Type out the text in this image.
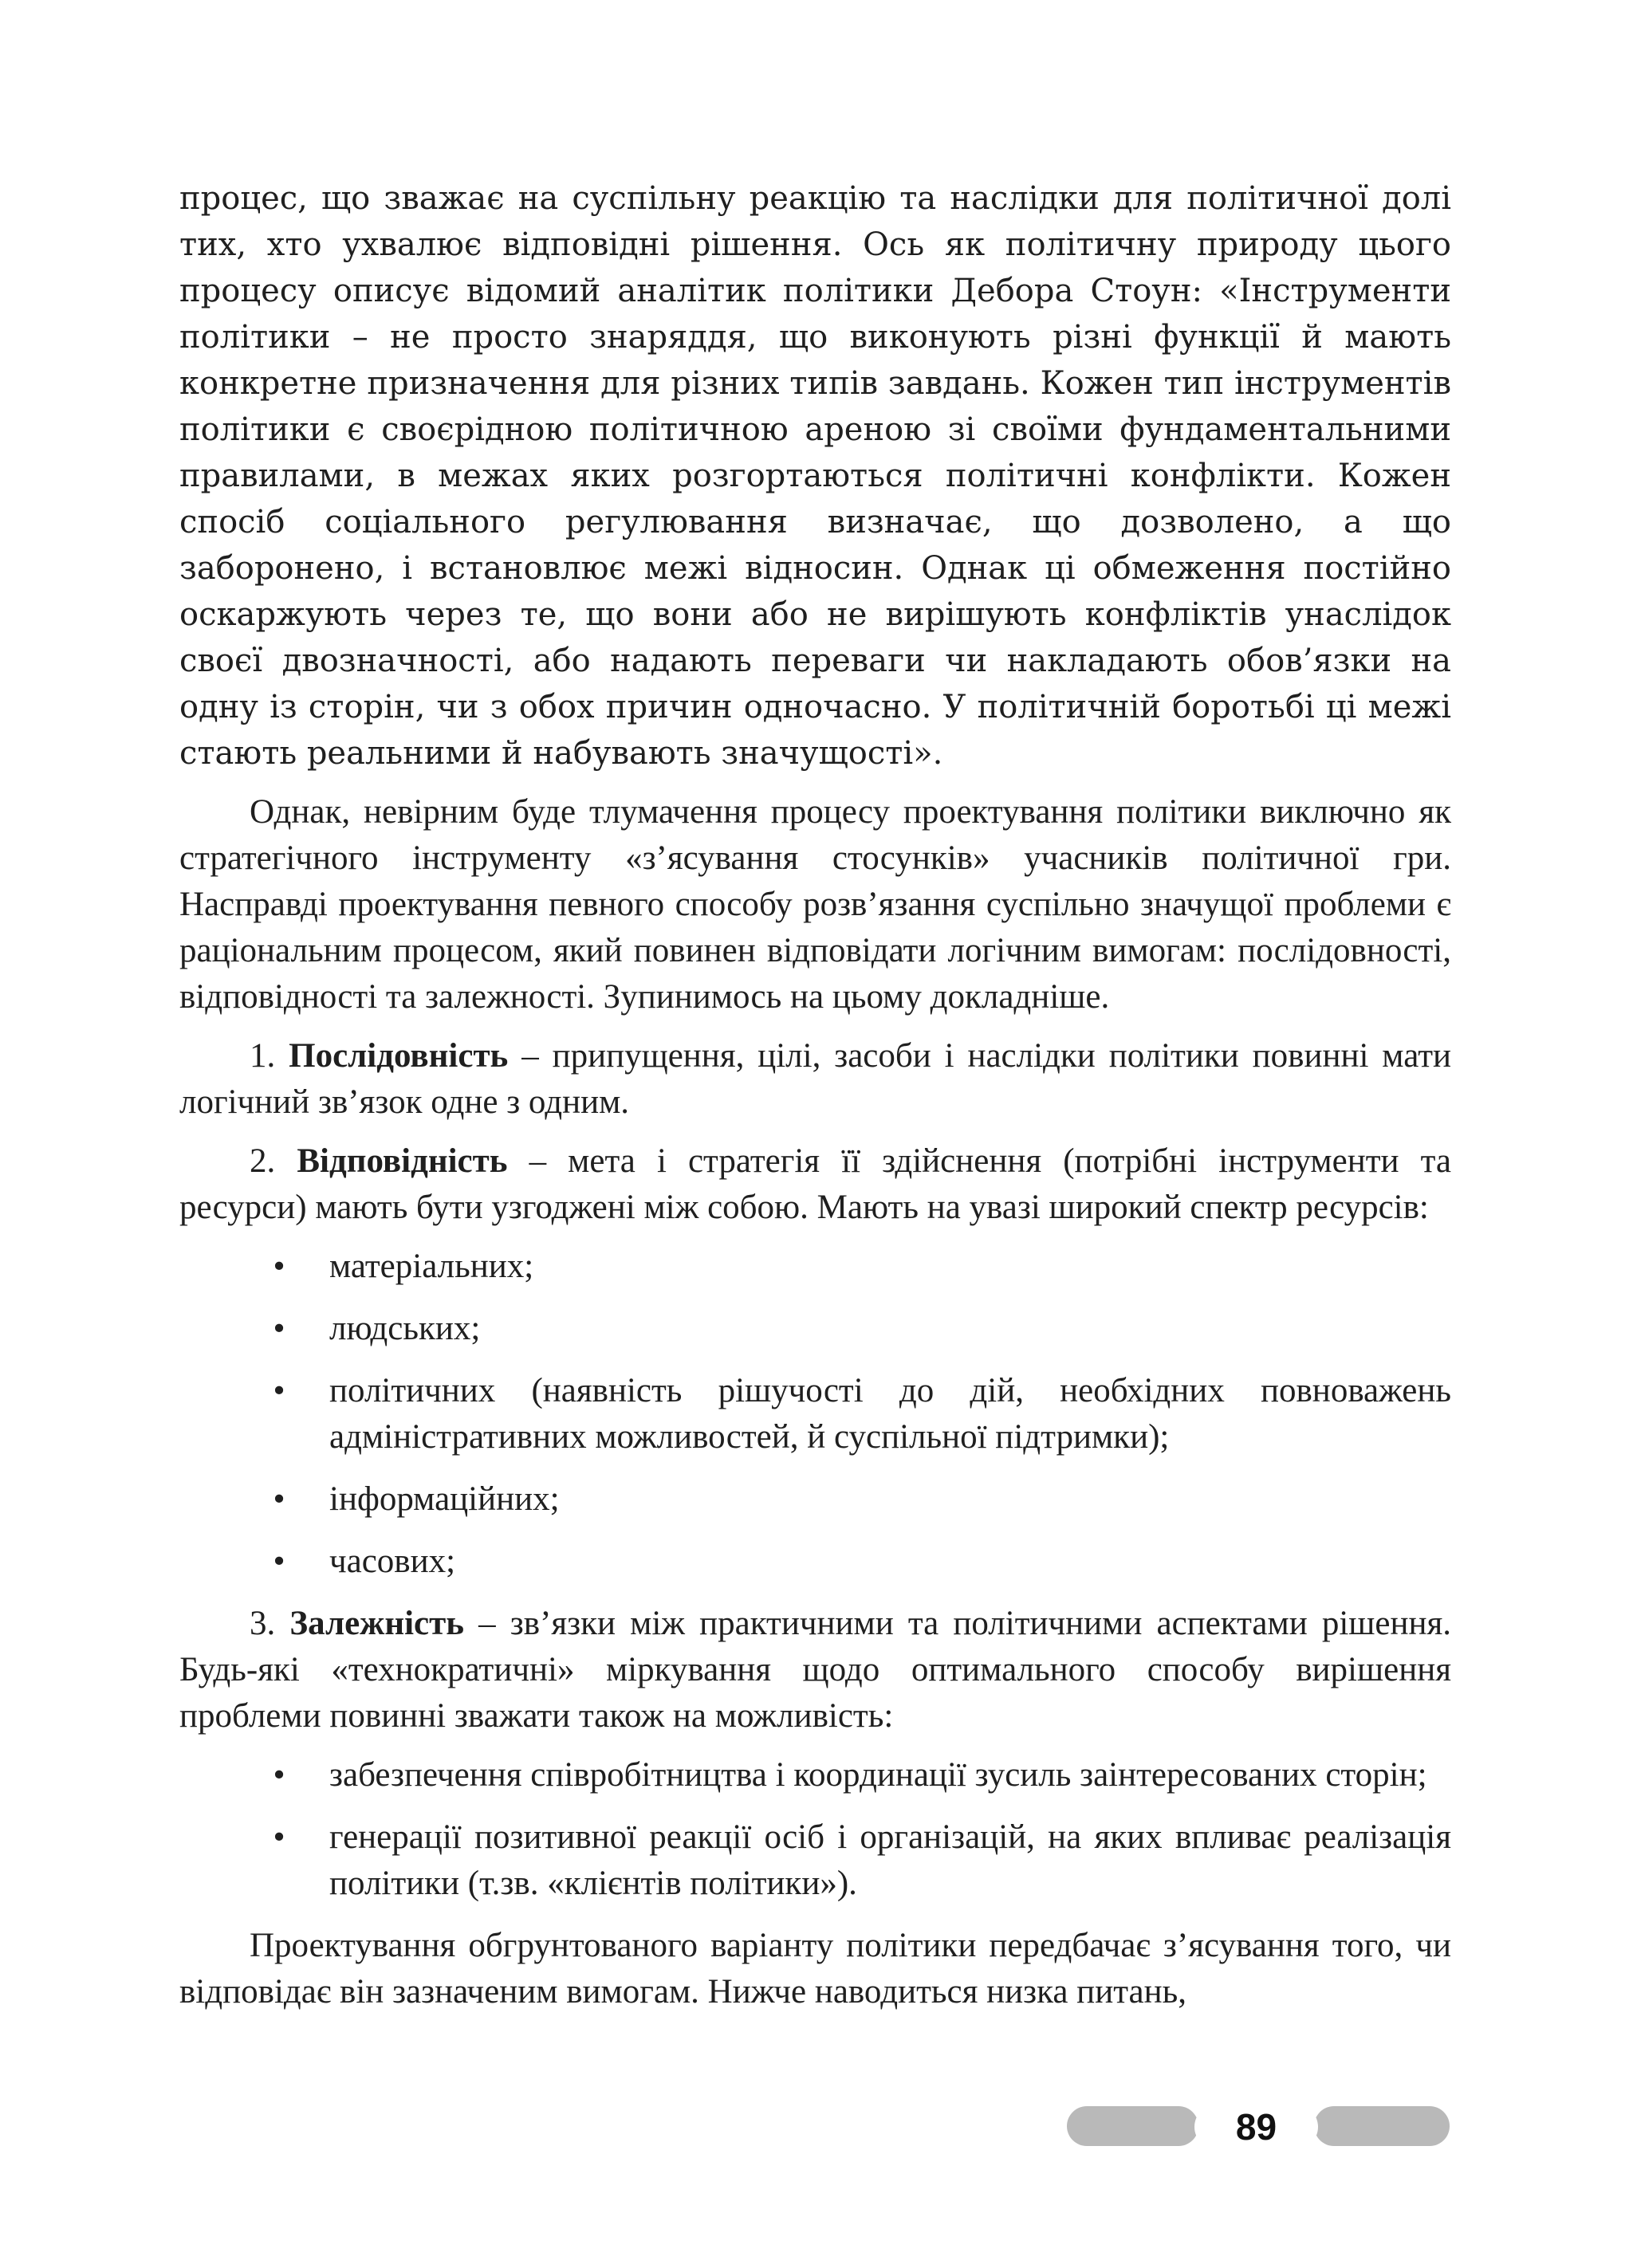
процес, що зважає на суспільну реакцію та наслідки для політичної долі тих, хто ухвалює відповідні рішення. Ось як політичну природу цього процесу описує відомий аналітик політики Дебора Стоун: «Інструменти політики – не просто знаряддя, що виконують різні функції й мають конкретне призначення для різних типів завдань. Кожен тип інструментів політики є своєрідною політичною ареною зі своїми фундаментальними правилами, в межах яких розгортаються політичні конфлікти. Кожен спосіб соціального регулювання визначає, що дозволено, а що заборонено, і встановлює межі відносин. Однак ці обмеження постійно оскаржують через те, що вони або не вирішують конфліктів унаслідок своєї двозначності, або надають переваги чи накладають обов’язки на одну із сторін, чи з обох причин одночасно. У політичній боротьбі ці межі стають реальними й набувають значущості».

Однак, невірним буде тлумачення процесу проектування політики виключно як стратегічного інструменту «з’ясування стосунків» учасників політичної гри. Насправді проектування певного способу розв’язання суспільно значущої проблеми є раціональним процесом, який повинен відповідати логічним вимогам: послідовності, відповідності та залежності. Зупинимось на цьому докладніше.

1. Послідовність – припущення, цілі, засоби і наслідки політики повинні мати логічний зв’язок одне з одним.

2. Відповідність – мета і стратегія її здійснення (потрібні інструменти та ресурси) мають бути узгоджені між собою. Мають на увазі широкий спектр ресурсів:

• матеріальних;
• людських;
• політичних (наявність рішучості до дій, необхідних повноважень адміністративних можливостей, й суспільної підтримки);
• інформаційних;
• часових;

3. Залежність – зв’язки між практичними та політичними аспектами рішення. Будь-які «технократичні» міркування щодо оптимального способу вирішення проблеми повинні зважати також на можливість:

• забезпечення співробітництва і координації зусиль заінтересованих сторін;
• генерації позитивної реакції осіб і організацій, на яких впливає реалізація політики (т.зв. «клієнтів політики»).

Проектування обгрунтованого варіанту політики передбачає з’ясування того, чи відповідає він зазначеним вимогам. Нижче наводиться низка питань,

89
